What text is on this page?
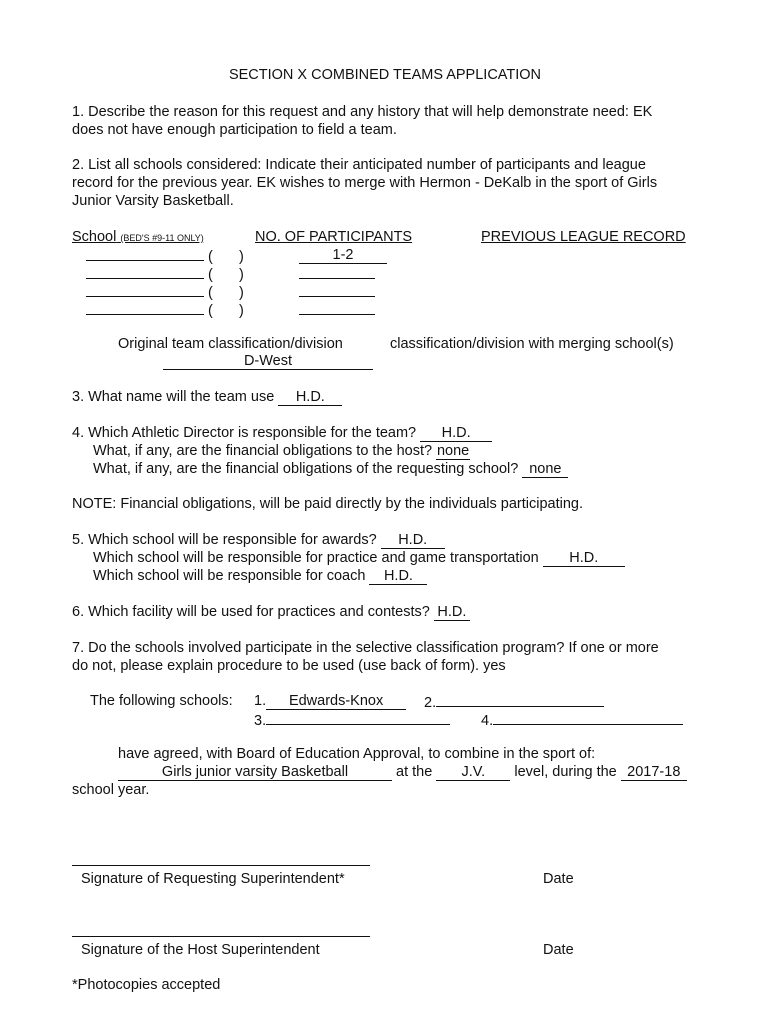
SECTION X COMBINED TEAMS APPLICATION
1. Describe the reason for this request and any history that will help demonstrate need: EK
does not have enough participation to field a team.
2. List all schools considered: Indicate their anticipated number of participants and league
record for the previous year. EK wishes to merge with Hermon - DeKalb in the sport of Girls
Junior Varsity Basketball.
School (BED'S #9-11 ONLY)	NO. OF PARTICIPANTS	PREVIOUS LEAGUE RECORD
( )	1-2
( )
( )
( )
Original team classification/division	classification/division with merging school(s)
D-West
3. What name will the team use H.D.
4. Which Athletic Director is responsible for the team? H.D.
What, if any, are the financial obligations to the host? none
What, if any, are the financial obligations of the requesting school? none
NOTE: Financial obligations, will be paid directly by the individuals participating.
5. Which school will be responsible for awards? H.D.
Which school will be responsible for practice and game transportation H.D.
Which school will be responsible for coach H.D.
6. Which facility will be used for practices and contests? H.D.
7. Do the schools involved participate in the selective classification program? If one or more
do not, please explain procedure to be used (use back of form). yes
The following schools: 1. Edwards-Knox	2.
3.	4.
have agreed, with Board of Education Approval, to combine in the sport of:
Girls junior varsity Basketball	at the J.V. level, during the 2017-18
school year.
Signature of Requesting Superintendent*	Date
Signature of the Host Superintendent	Date
*Photocopies accepted
